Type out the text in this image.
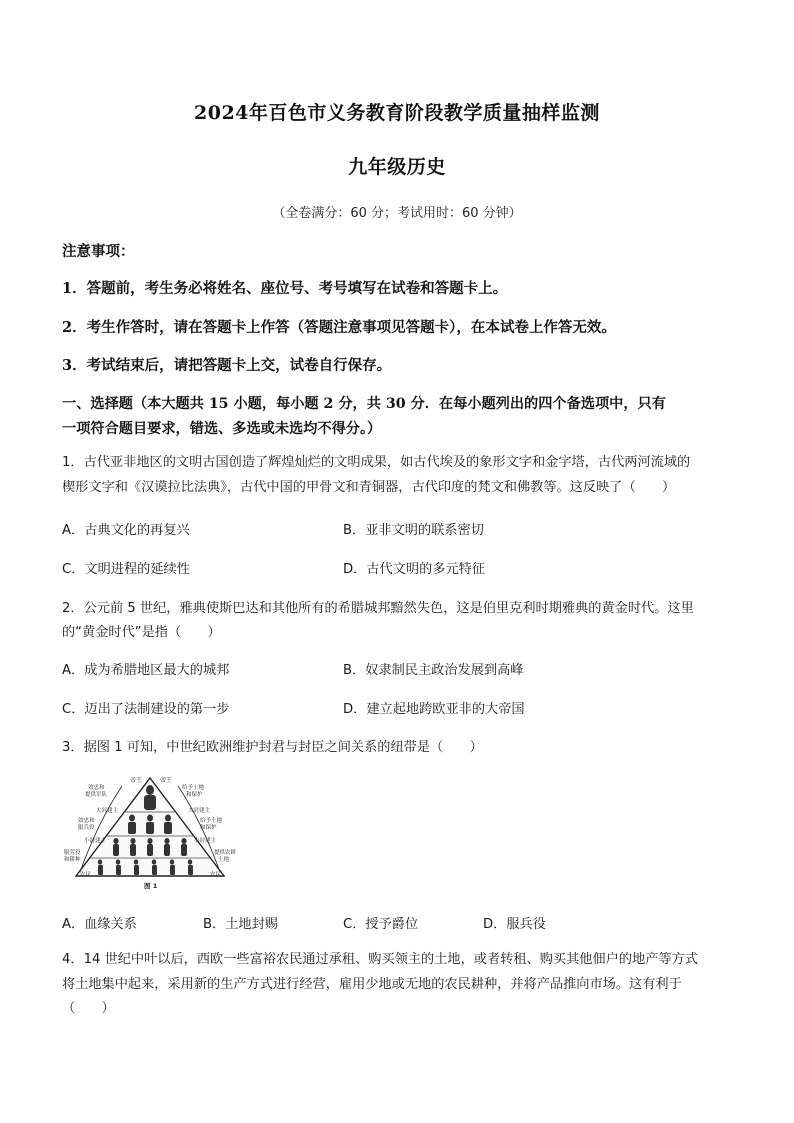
2024年百色市义务教育阶段教学质量抽样监测
九年级历史
（全卷满分：60 分；考试用时：60 分钟）
注意事项：
1．答题前，考生务必将姓名、座位号、考号填写在试卷和答题卡上。
2．考生作答时，请在答题卡上作答（答题注意事项见答题卡），在本试卷上作答无效。
3．考试结束后，请把答题卡上交，试卷自行保存。
一、选择题（本大题共 15 小题，每小题 2 分，共 30 分．在每小题列出的四个备选项中，只有
一项符合题目要求，错选、多选或未选均不得分。）
1．古代亚非地区的文明古国创造了辉煌灿烂的文明成果，如古代埃及的象形文字和金字塔，古代两河流域的
楔形文字和《汉谟拉比法典》，古代中国的甲骨文和青铜器，古代印度的梵文和佛教等。这反映了（　　）
A．古典文化的再复兴	B．亚非文明的联系密切
C．文明进程的延续性	D．古代文明的多元特征
2．公元前 5 世纪，雅典使斯巴达和其他所有的希腊城邦黯然失色，这是伯里克利时期雅典的黄金时代。这里
的“黄金时代”是指（　　）
A．成为希腊地区最大的城邦	B．奴隶制民主政治发展到高峰
C．迈出了法制建设的第一步	D．建立起地跨欧亚非的大帝国
3．据图 1 可知，中世纪欧洲维护封君与封臣之间关系的纽带是（　　）
帝王	帝王
效忠和
提供军队
大封建主
效忠和
服兵役
小封建主
服劳役
和耕种
农民
给予土地
和保护
大封建主
给予土地
和保护
小封建主
提供农耕
土地
农民
图 1
A．血缘关系	B．土地封赐	C．授予爵位	D．服兵役
4．14 世纪中叶以后，西欧一些富裕农民通过承租、购买领主的土地，或者转租、购买其他佃户的地产等方式
将土地集中起来，采用新的生产方式进行经营，雇用少地或无地的农民耕种，并将产品推向市场。这有利于
（　　）
